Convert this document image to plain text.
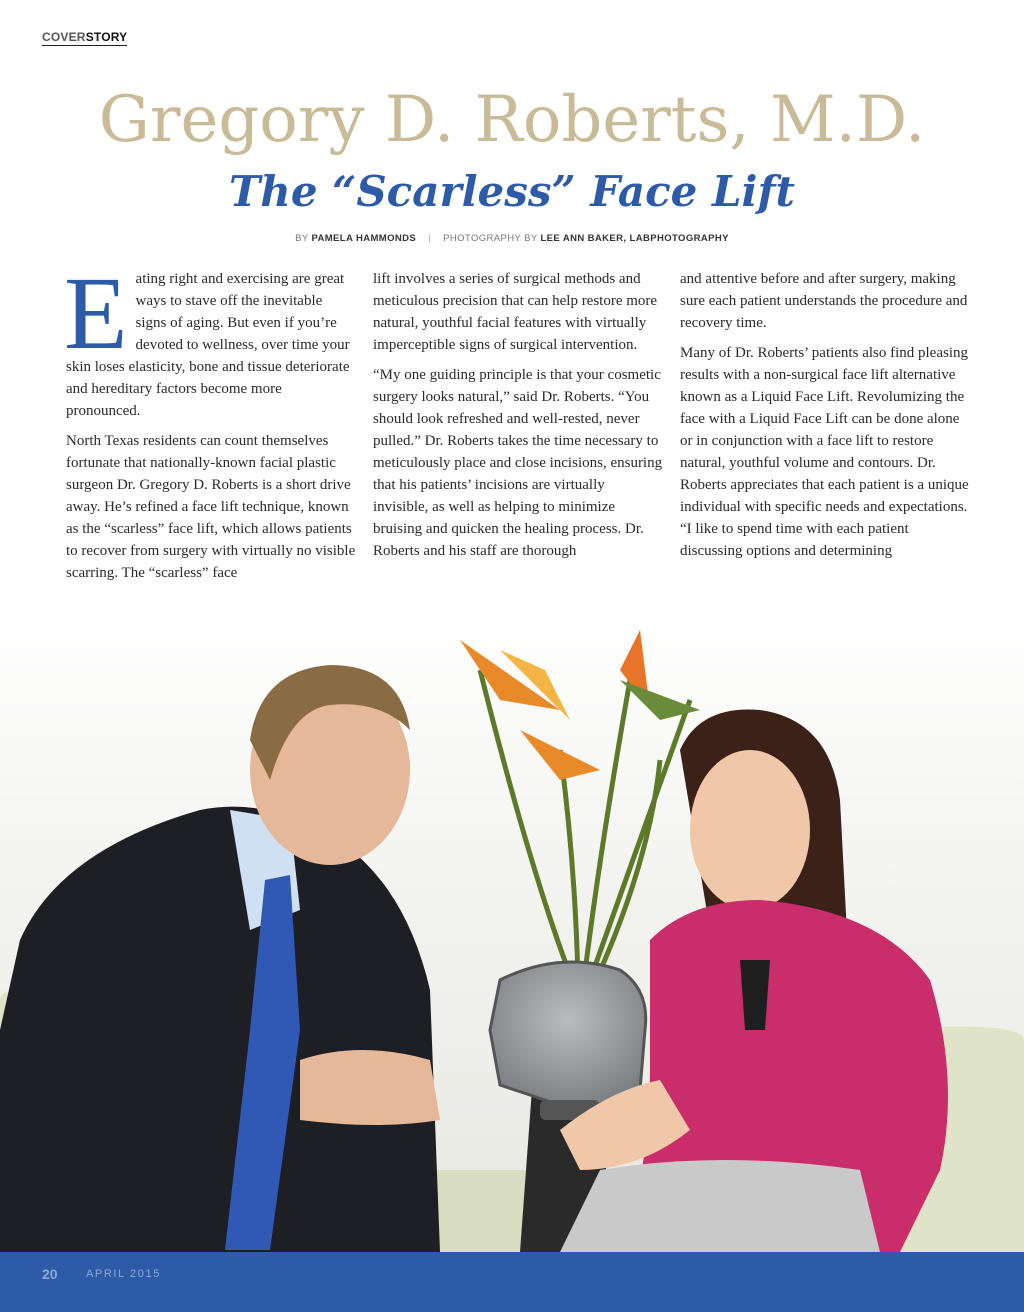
COVERSTORY
Gregory D. Roberts, M.D.
The “Scarless” Face Lift
BY PAMELA HAMMONDS | PHOTOGRAPHY BY LEE ANN BAKER, LABPHOTOGRAPHY

Eating right and exercising are great ways to stave off the inevitable signs of aging. But even if you’re devoted to wellness, over time your skin loses elasticity, bone and tissue deteriorate and hereditary factors become more pronounced.

North Texas residents can count themselves fortunate that nationally-known facial plastic surgeon Dr. Gregory D. Roberts is a short drive away. He’s refined a face lift technique, known as the “scarless” face lift, which allows patients to recover from surgery with virtually no visible scarring. The “scarless” face

lift involves a series of surgical methods and meticulous precision that can help restore more natural, youthful facial features with virtually imperceptible signs of surgical intervention.

“My one guiding principle is that your cosmetic surgery looks natural,” said Dr. Roberts. “You should look refreshed and well-rested, never pulled.” Dr. Roberts takes the time necessary to meticulously place and close incisions, ensuring that his patients’ incisions are virtually invisible, as well as helping to minimize bruising and quicken the healing process. Dr. Roberts and his staff are thorough

and attentive before and after surgery, making sure each patient understands the procedure and recovery time.

Many of Dr. Roberts’ patients also find pleasing results with a non-surgical face lift alternative known as a Liquid Face Lift. Revolumizing the face with a Liquid Face Lift can be done alone or in conjunction with a face lift to restore natural, youthful volume and contours. Dr. Roberts appreciates that each patient is a unique individual with specific needs and expectations. “I like to spend time with each patient discussing options and determining

20	APRIL 2015
